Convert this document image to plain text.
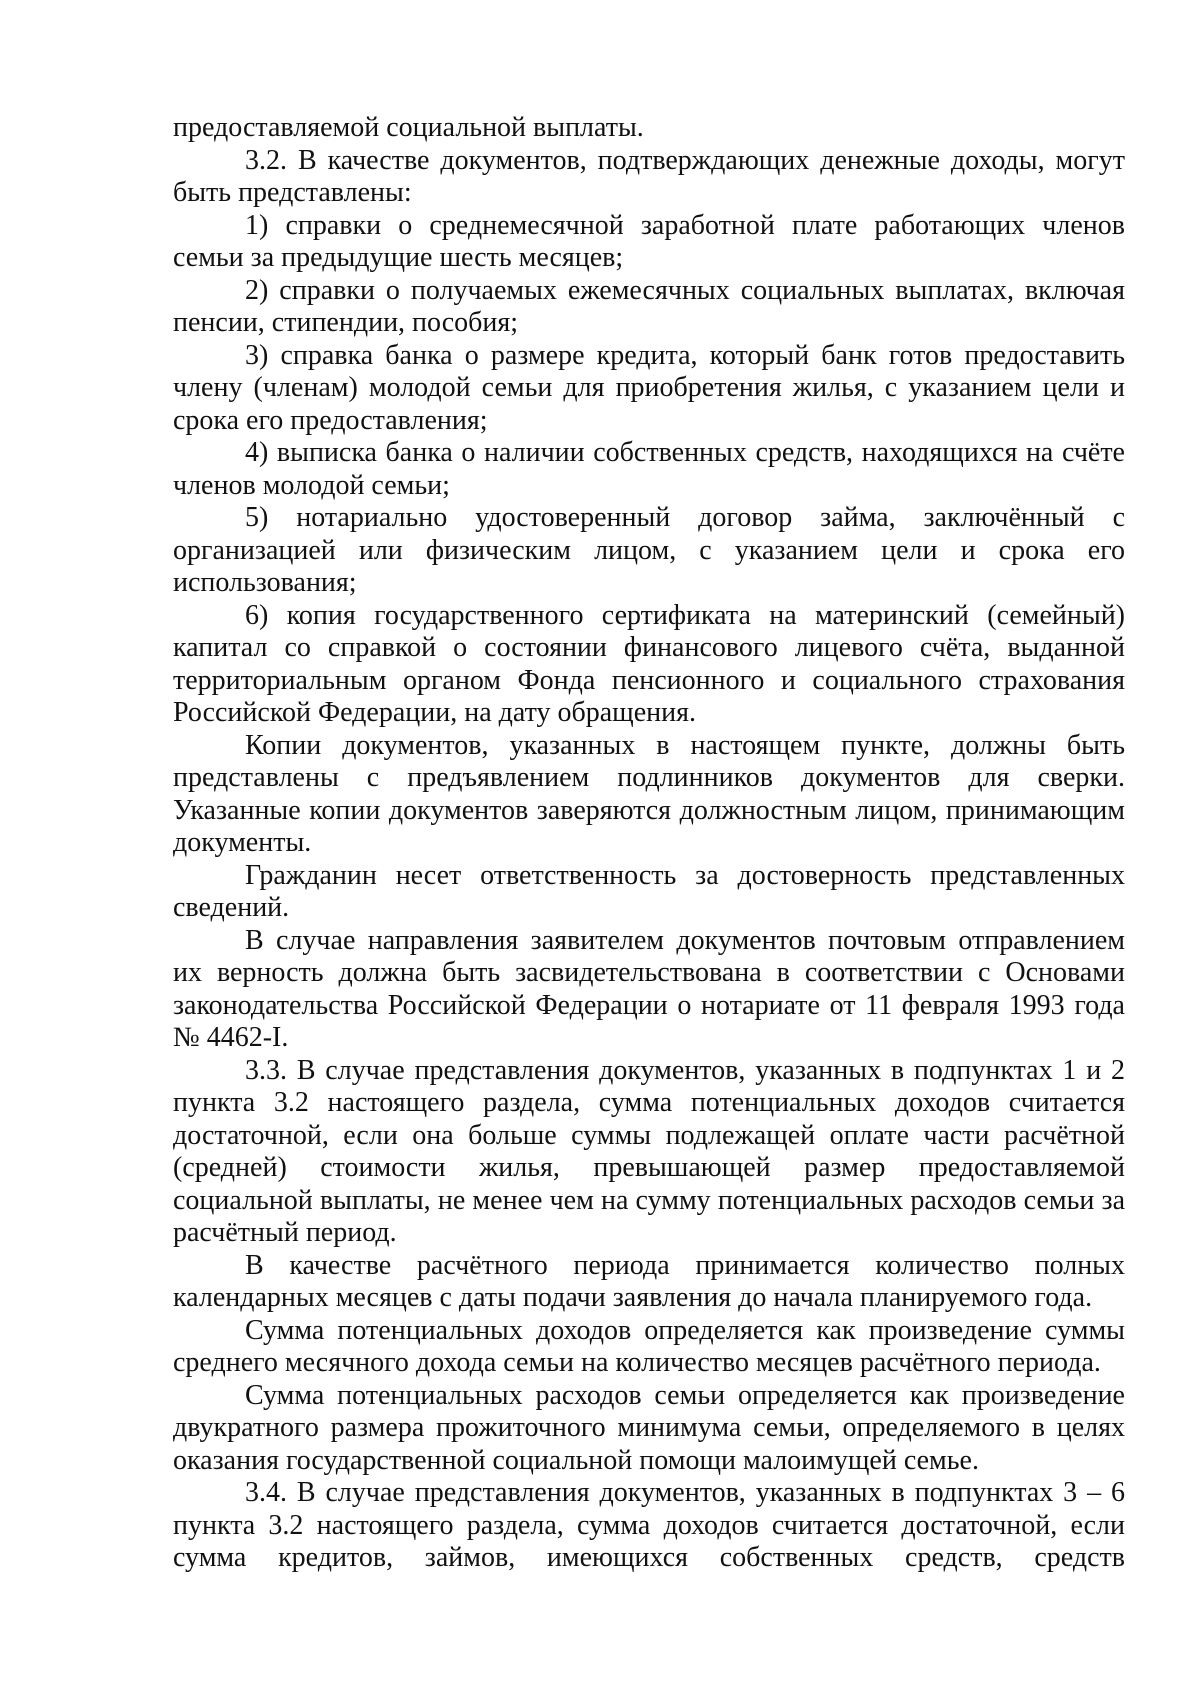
предоставляемой социальной выплаты.

3.2. В качестве документов, подтверждающих денежные доходы, могут быть представлены:

1) справки о среднемесячной заработной плате работающих членов семьи за предыдущие шесть месяцев;

2) справки о получаемых ежемесячных социальных выплатах, включая пенсии, стипендии, пособия;

3) справка банка о размере кредита, который банк готов предоставить члену (членам) молодой семьи для приобретения жилья, с указанием цели и срока его предоставления;

4) выписка банка о наличии собственных средств, находящихся на счёте членов молодой семьи;

5) нотариально удостоверенный договор займа, заключённый с организацией или физическим лицом, с указанием цели и срока его использования;

6) копия государственного сертификата на материнский (семейный) капитал со справкой о состоянии финансового лицевого счёта, выданной территориальным органом Фонда пенсионного и социального страхования Российской Федерации, на дату обращения.

Копии документов, указанных в настоящем пункте, должны быть представлены с предъявлением подлинников документов для сверки. Указанные копии документов заверяются должностным лицом, принимающим документы.

Гражданин несет ответственность за достоверность представленных сведений.

В случае направления заявителем документов почтовым отправлением их верность должна быть засвидетельствована в соответствии с Основами законодательства Российской Федерации о нотариате от 11 февраля 1993 года № 4462-I.

3.3. В случае представления документов, указанных в подпунктах 1 и 2 пункта 3.2 настоящего раздела, сумма потенциальных доходов считается достаточной, если она больше суммы подлежащей оплате части расчётной (средней) стоимости жилья, превышающей размер предоставляемой социальной выплаты, не менее чем на сумму потенциальных расходов семьи за расчётный период.

В качестве расчётного периода принимается количество полных календарных месяцев с даты подачи заявления до начала планируемого года.

Сумма потенциальных доходов определяется как произведение суммы среднего месячного дохода семьи на количество месяцев расчётного периода.

Сумма потенциальных расходов семьи определяется как произведение двукратного размера прожиточного минимума семьи, определяемого в целях оказания государственной социальной помощи малоимущей семье.

3.4. В случае представления документов, указанных в подпунктах 3 – 6 пункта 3.2 настоящего раздела, сумма доходов считается достаточной, если сумма кредитов, займов, имеющихся собственных средств, средств
